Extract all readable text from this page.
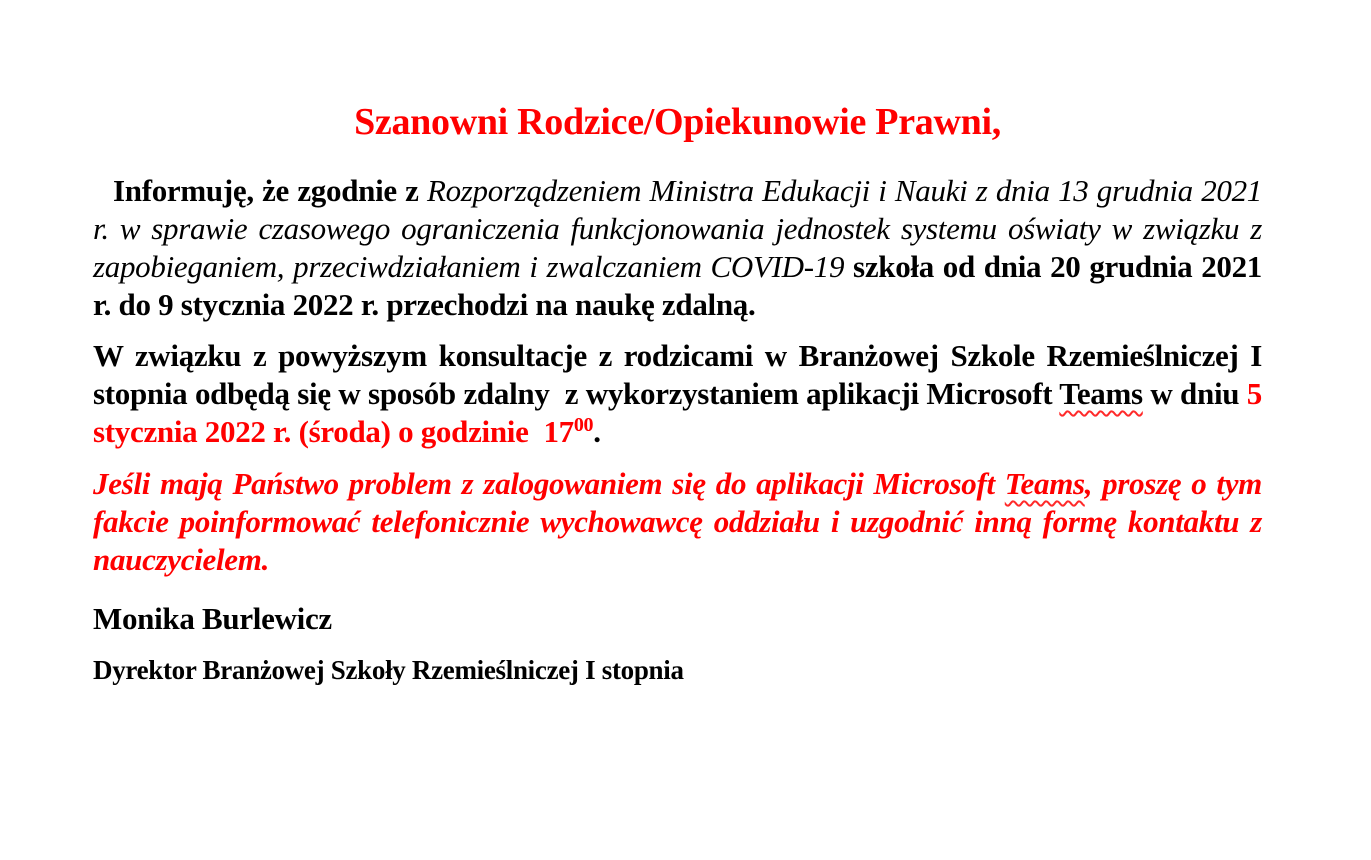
Szanowni Rodzice/Opiekunowie Prawni,

Informuję, że zgodnie z Rozporządzeniem Ministra Edukacji i Nauki z dnia 13 grudnia 2021 r. w sprawie czasowego ograniczenia funkcjonowania jednostek systemu oświaty w związku z zapobieganiem, przeciwdziałaniem i zwalczaniem COVID-19 szkoła od dnia 20 grudnia 2021 r. do 9 stycznia 2022 r. przechodzi na naukę zdalną.

W związku z powyższym konsultacje z rodzicami w Branżowej Szkole Rzemieślniczej I stopnia odbędą się w sposób zdalny  z wykorzystaniem aplikacji Microsoft Teams w dniu 5  stycznia 2022 r. (środa) o godzinie  $17^{00}$.

Jeśli mają Państwo problem z zalogowaniem się do aplikacji Microsoft Teams, proszę o tym fakcie poinformować telefonicznie wychowawcę oddziału i uzgodnić inną formę kontaktu z nauczycielem.

Monika Burlewicz

Dyrektor Branżowej Szkoły Rzemieślniczej I stopnia
